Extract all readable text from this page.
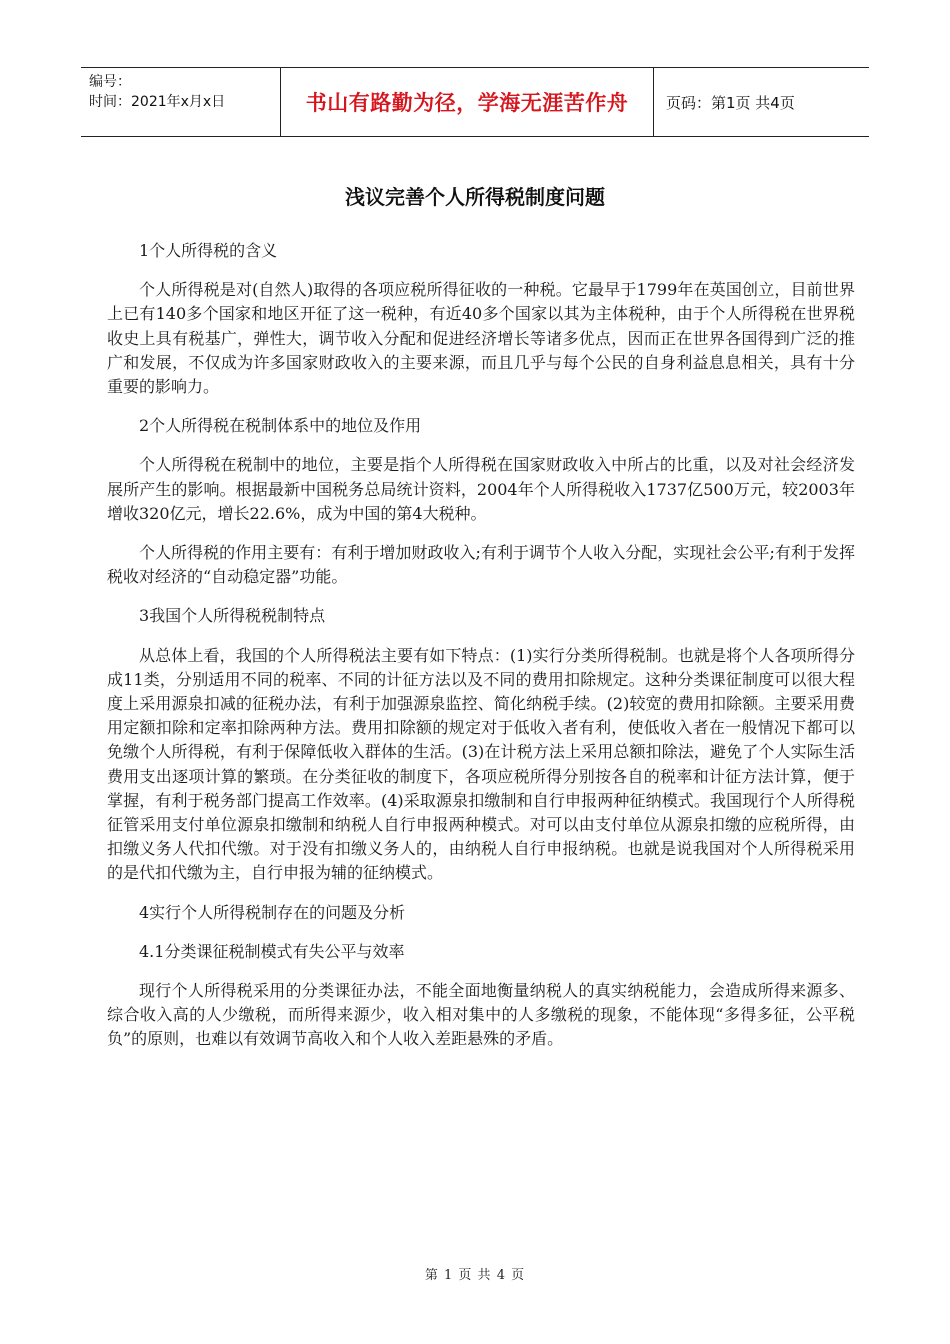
编号：
时间：2021年x月x日	书山有路勤为径，学海无涯苦作舟	页码：第1页 共4页
浅议完善个人所得税制度问题

1个人所得税的含义

个人所得税是对(自然人)取得的各项应税所得征收的一种税。它最早于1799年在英国创立，目前世界上已有140多个国家和地区开征了这一税种，有近40多个国家以其为主体税种，由于个人所得税在世界税收史上具有税基广，弹性大，调节收入分配和促进经济增长等诸多优点，因而正在世界各国得到广泛的推广和发展，不仅成为许多国家财政收入的主要来源，而且几乎与每个公民的自身利益息息相关，具有十分重要的影响力。

2个人所得税在税制体系中的地位及作用

个人所得税在税制中的地位，主要是指个人所得税在国家财政收入中所占的比重，以及对社会经济发展所产生的影响。根据最新中国税务总局统计资料，2004年个人所得税收入1737亿500万元，较2003年增收320亿元，增长22.6%，成为中国的第4大税种。

个人所得税的作用主要有：有利于增加财政收入;有利于调节个人收入分配，实现社会公平;有利于发挥税收对经济的“自动稳定器”功能。

3我国个人所得税税制特点

从总体上看，我国的个人所得税法主要有如下特点：(1)实行分类所得税制。也就是将个人各项所得分成11类，分别适用不同的税率、不同的计征方法以及不同的费用扣除规定。这种分类课征制度可以很大程度上采用源泉扣减的征税办法，有利于加强源泉监控、简化纳税手续。(2)较宽的费用扣除额。主要采用费用定额扣除和定率扣除两种方法。费用扣除额的规定对于低收入者有利，使低收入者在一般情况下都可以免缴个人所得税，有利于保障低收入群体的生活。(3)在计税方法上采用总额扣除法，避免了个人实际生活费用支出逐项计算的繁琐。在分类征收的制度下，各项应税所得分别按各自的税率和计征方法计算，便于掌握，有利于税务部门提高工作效率。(4)采取源泉扣缴制和自行申报两种征纳模式。我国现行个人所得税征管采用支付单位源泉扣缴制和纳税人自行申报两种模式。对可以由支付单位从源泉扣缴的应税所得，由扣缴义务人代扣代缴。对于没有扣缴义务人的，由纳税人自行申报纳税。也就是说我国对个人所得税采用的是代扣代缴为主，自行申报为辅的征纳模式。

4实行个人所得税制存在的问题及分析

4.1分类课征税制模式有失公平与效率

现行个人所得税采用的分类课征办法，不能全面地衡量纳税人的真实纳税能力，会造成所得来源多、综合收入高的人少缴税，而所得来源少，收入相对集中的人多缴税的现象，不能体现“多得多征，公平税负”的原则，也难以有效调节高收入和个人收入差距悬殊的矛盾。

第 1 页 共 4 页
